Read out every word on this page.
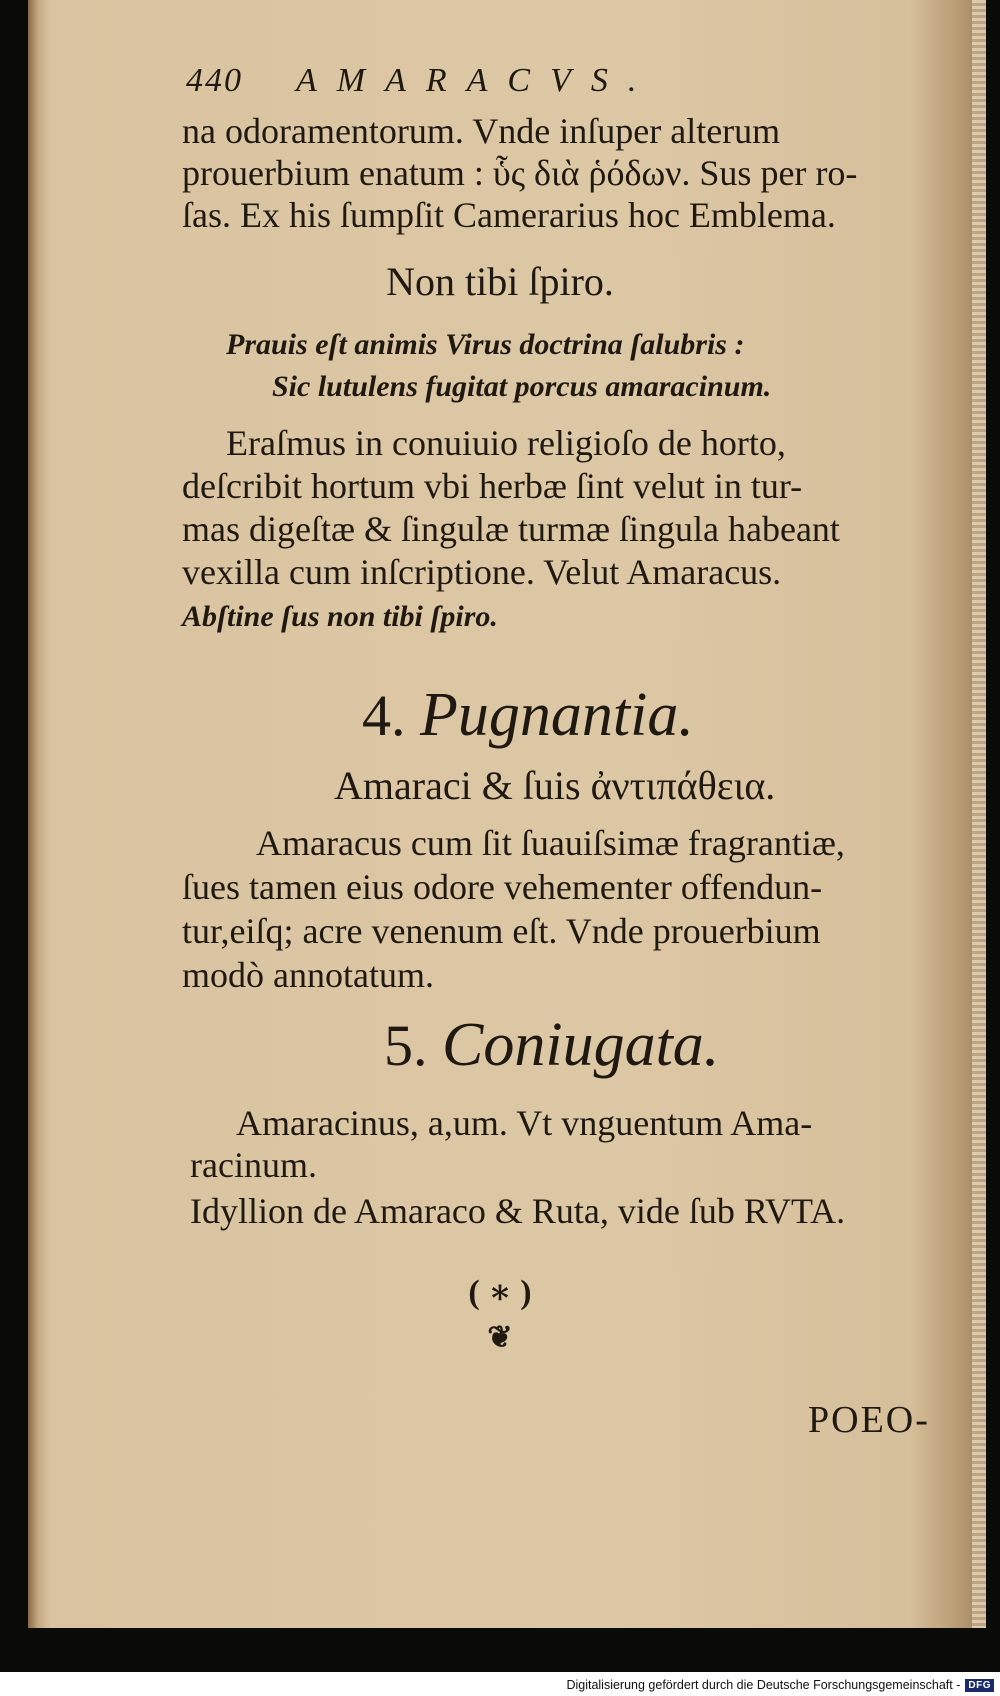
440 AMARACVS.
na odoramentorum. Vnde inſuper alterum
prouerbium enatum : ὗς διὰ ῥόδων. Sus per ro-
ſas. Ex his ſumpſit Camerarius hoc Emblema.
Non tibi ſpiro.
Prauis eſt animis Virus doctrina ſalubris :
Sic lutulens fugitat porcus amaracinum.
Eraſmus in conuiuio religioſo de horto,
deſcribit hortum vbi herbæ ſint velut in tur-
mas digeſtæ & ſingulæ turmæ ſingula habeant
vexilla cum inſcriptione. Velut Amaracus.
Abſtine ſus non tibi ſpiro.
4. Pugnantia.
Amaraci & ſuis ἀντιπάθεια.
Amaracus cum ſit ſuauiſsimæ fragrantiæ,
ſues tamen eius odore vehementer offendun-
tur,eiſq; acre venenum eſt. Vnde prouerbium
modò annotatum.
5. Coniugata.
Amaracinus, a,um. Vt vnguentum Ama-
racinum.
Idyllion de Amaraco & Ruta, vide ſub RVTA.
( ∗ )
❦
POEO-
Digitalisierung gefördert durch die Deutsche Forschungsgemeinschaft - DFG
